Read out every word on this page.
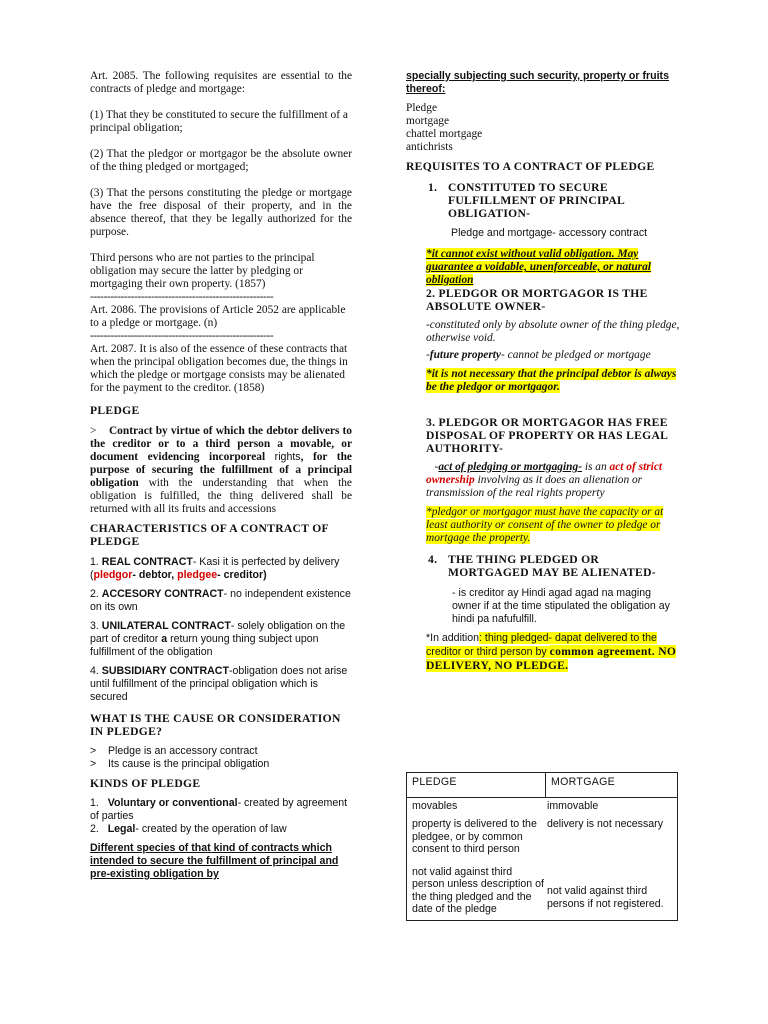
Art. 2085. The following requisites are essential to the contracts of pledge and mortgage:

(1) That they be constituted to secure the fulfillment of a principal obligation;

(2) That the pledgor or mortgagor be the absolute owner of the thing pledged or mortgaged;

(3) That the persons constituting the pledge or mortgage have the free disposal of their property, and in the absence thereof, that they be legally authorized for the purpose.

Third persons who are not parties to the principal obligation may secure the latter by pledging or mortgaging their own property. (1857)

------------------------------------------------------

Art. 2086. The provisions of Article 2052 are applicable to a pledge or mortgage. (n)

------------------------------------------------------

Art. 2087. It is also of the essence of these contracts that when the principal obligation becomes due, the things in which the pledge or mortgage consists may be alienated for the payment to the creditor. (1858)

PLEDGE

> Contract by virtue of which the debtor delivers to the creditor or to a third person a movable, or document evidencing incorporeal rights, for the purpose of securing the fulfillment of a principal obligation with the understanding that when the obligation is fulfilled, the thing delivered shall be returned with all its fruits and accessions

CHARACTERISTICS OF A CONTRACT OF PLEDGE

1. REAL CONTRACT- Kasi it is perfected by delivery (pledgor- debtor, pledgee- creditor)

2. ACCESORY CONTRACT- no independent existence on its own

3. UNILATERAL CONTRACT- solely obligation on the part of creditor a return young thing subject upon fulfillment of the obligation

4. SUBSIDIARY CONTRACT-obligation does not arise until fulfillment of the principal obligation which is secured

WHAT IS THE CAUSE OR CONSIDERATION IN PLEDGE?

> Pledge is an accessory contract

> Its cause is the principal obligation

KINDS OF PLEDGE

1. Voluntary or conventional- created by agreement of parties

2. Legal- created by the operation of law

Different species of that kind of contracts which intended to secure the fulfillment of principal and pre-existing obligation by

specially subjecting such security, property or fruits thereof:

Pledge

mortgage

chattel mortgage

antichrists

REQUISITES TO A CONTRACT OF PLEDGE

1. CONSTITUTED TO SECURE FULFILLMENT OF PRINCIPAL OBLIGATION-

Pledge and mortgage- accessory contract

*it cannot exist without valid obligation. May guarantee a voidable, unenforceable, or natural obligation

2. PLEDGOR OR MORTGAGOR IS THE ABSOLUTE OWNER-

-constituted only by absolute owner of the thing pledge, otherwise void.

-future property- cannot be pledged or mortgage

*it is not necessary that the principal debtor is always be the pledgor or mortgagor.

3. PLEDGOR OR MORTGAGOR HAS FREE DISPOSAL OF PROPERTY OR HAS LEGAL AUTHORITY-

-act of pledging or mortgaging- is an act of strict ownership involving as it does an alienation or transmission of the real rights property

*pledgor or mortgagor must have the capacity or at least authority or consent of the owner to pledge or mortgage the property.

4. THE THING PLEDGED OR MORTGAGED MAY BE ALIENATED-

- is creditor ay Hindi agad agad na maging owner if at the time stipulated the obligation ay hindi pa nafufulfill.

*In addition: thing pledged- dapat delivered to the creditor or third person by common agreement. NO DELIVERY, NO PLEDGE.

PLEDGE	MORTGAGE

movables	immovable
property is delivered to the pledgee, or by common consent to third person	delivery is not necessary
not valid against third person unless description of the thing pledged and the date of the pledge	not valid against third persons if not registered.
